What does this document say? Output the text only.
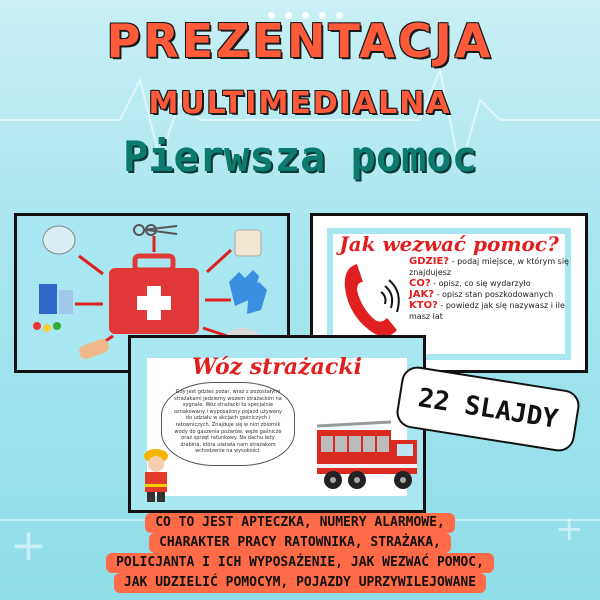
+	+
PREZENTACJA
MULTIMEDIALNA
Pierwsza pomoc
Jak wezwać pomoc?
GDZIE? - podaj miejsce, w którym się znajdujesz
CO? - opisz, co się wydarzyło
JAK? - opisz stan poszkodowanych
KTO? - powiedz jak się nazywasz i ile masz lat
Wóz strażacki
Gdy jest gdzieś pożar, wraz z pozostałymi strażakami jedziemy wozem strażackim na sygnale. Wóz strażacki to specjalnie oznakowany i wyposażony pojazd używany do udziału w akcjach gaśniczych i ratowniczych. Znajduje się w nim zbiornik wody do gaszenia pożarów, węże gaśnicze oraz sprzęt ratunkowy. Na dachu leży drabina, która ułatwia nam strażakom wchodzenie na wysokości.
22 SLAJDY
CO TO JEST APTECZKA, NUMERY ALARMOWE,
CHARAKTER PRACY RATOWNIKA, STRAŻAKA,
POLICJANTA I ICH WYPOSAŻENIE, JAK WEZWAĆ POMOC,
JAK UDZIELIĆ POMOCYM, POJAZDY UPRZYWILEJOWANE
